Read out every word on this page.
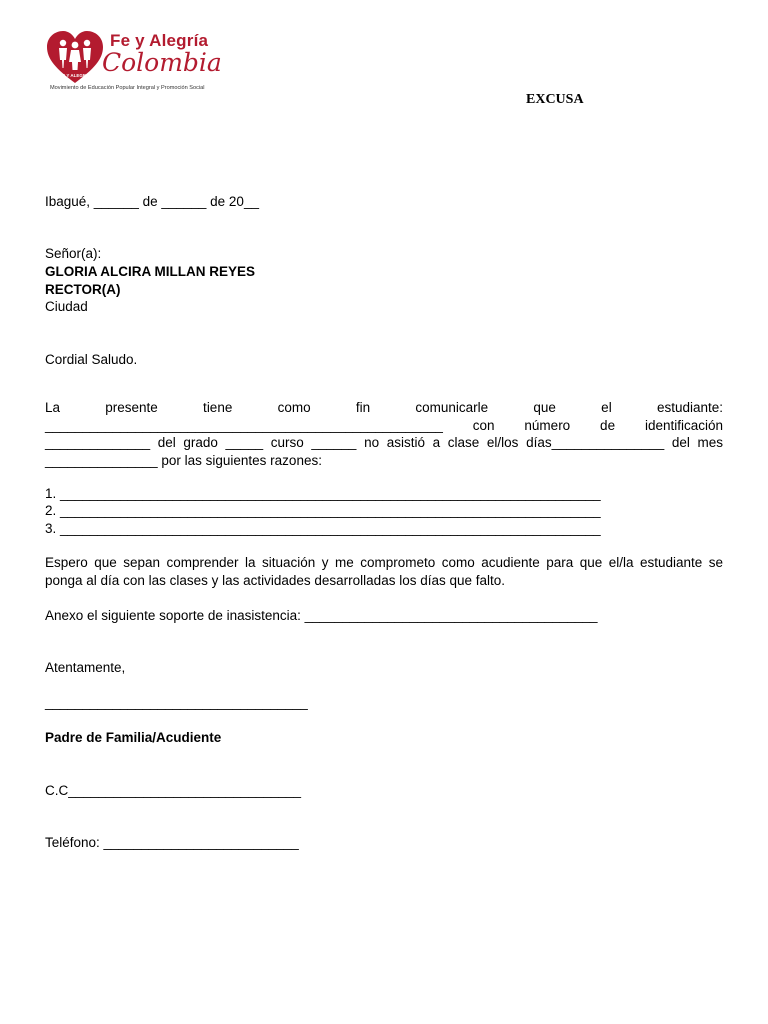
FE Y ALEGRIA
Fe y Alegría
Colombia
Movimiento de Educación Popular Integral y Promoción Social
EXCUSA
Ibagué, ______ de ______ de 20__
Señor(a):
GLORIA ALCIRA MILLAN REYES
RECTOR(A)
Ciudad
Cordial Saludo.
La presente tiene como fin comunicarle que el estudiante: _____________________________________________________ con número de identificación ______________ del grado _____ curso ______ no asistió a clase el/los días_______________ del mes _______________ por las siguientes razones:
1. ________________________________________________________________________
2. ________________________________________________________________________
3. ________________________________________________________________________
Espero que sepan comprender la situación y me comprometo como acudiente para que el/la estudiante se ponga al día con las clases y las actividades desarrolladas los días que falto.
Anexo el siguiente soporte de inasistencia: _______________________________________
Atentamente,
___________________________________
Padre de Familia/Acudiente
C.C_______________________________
Teléfono: __________________________
